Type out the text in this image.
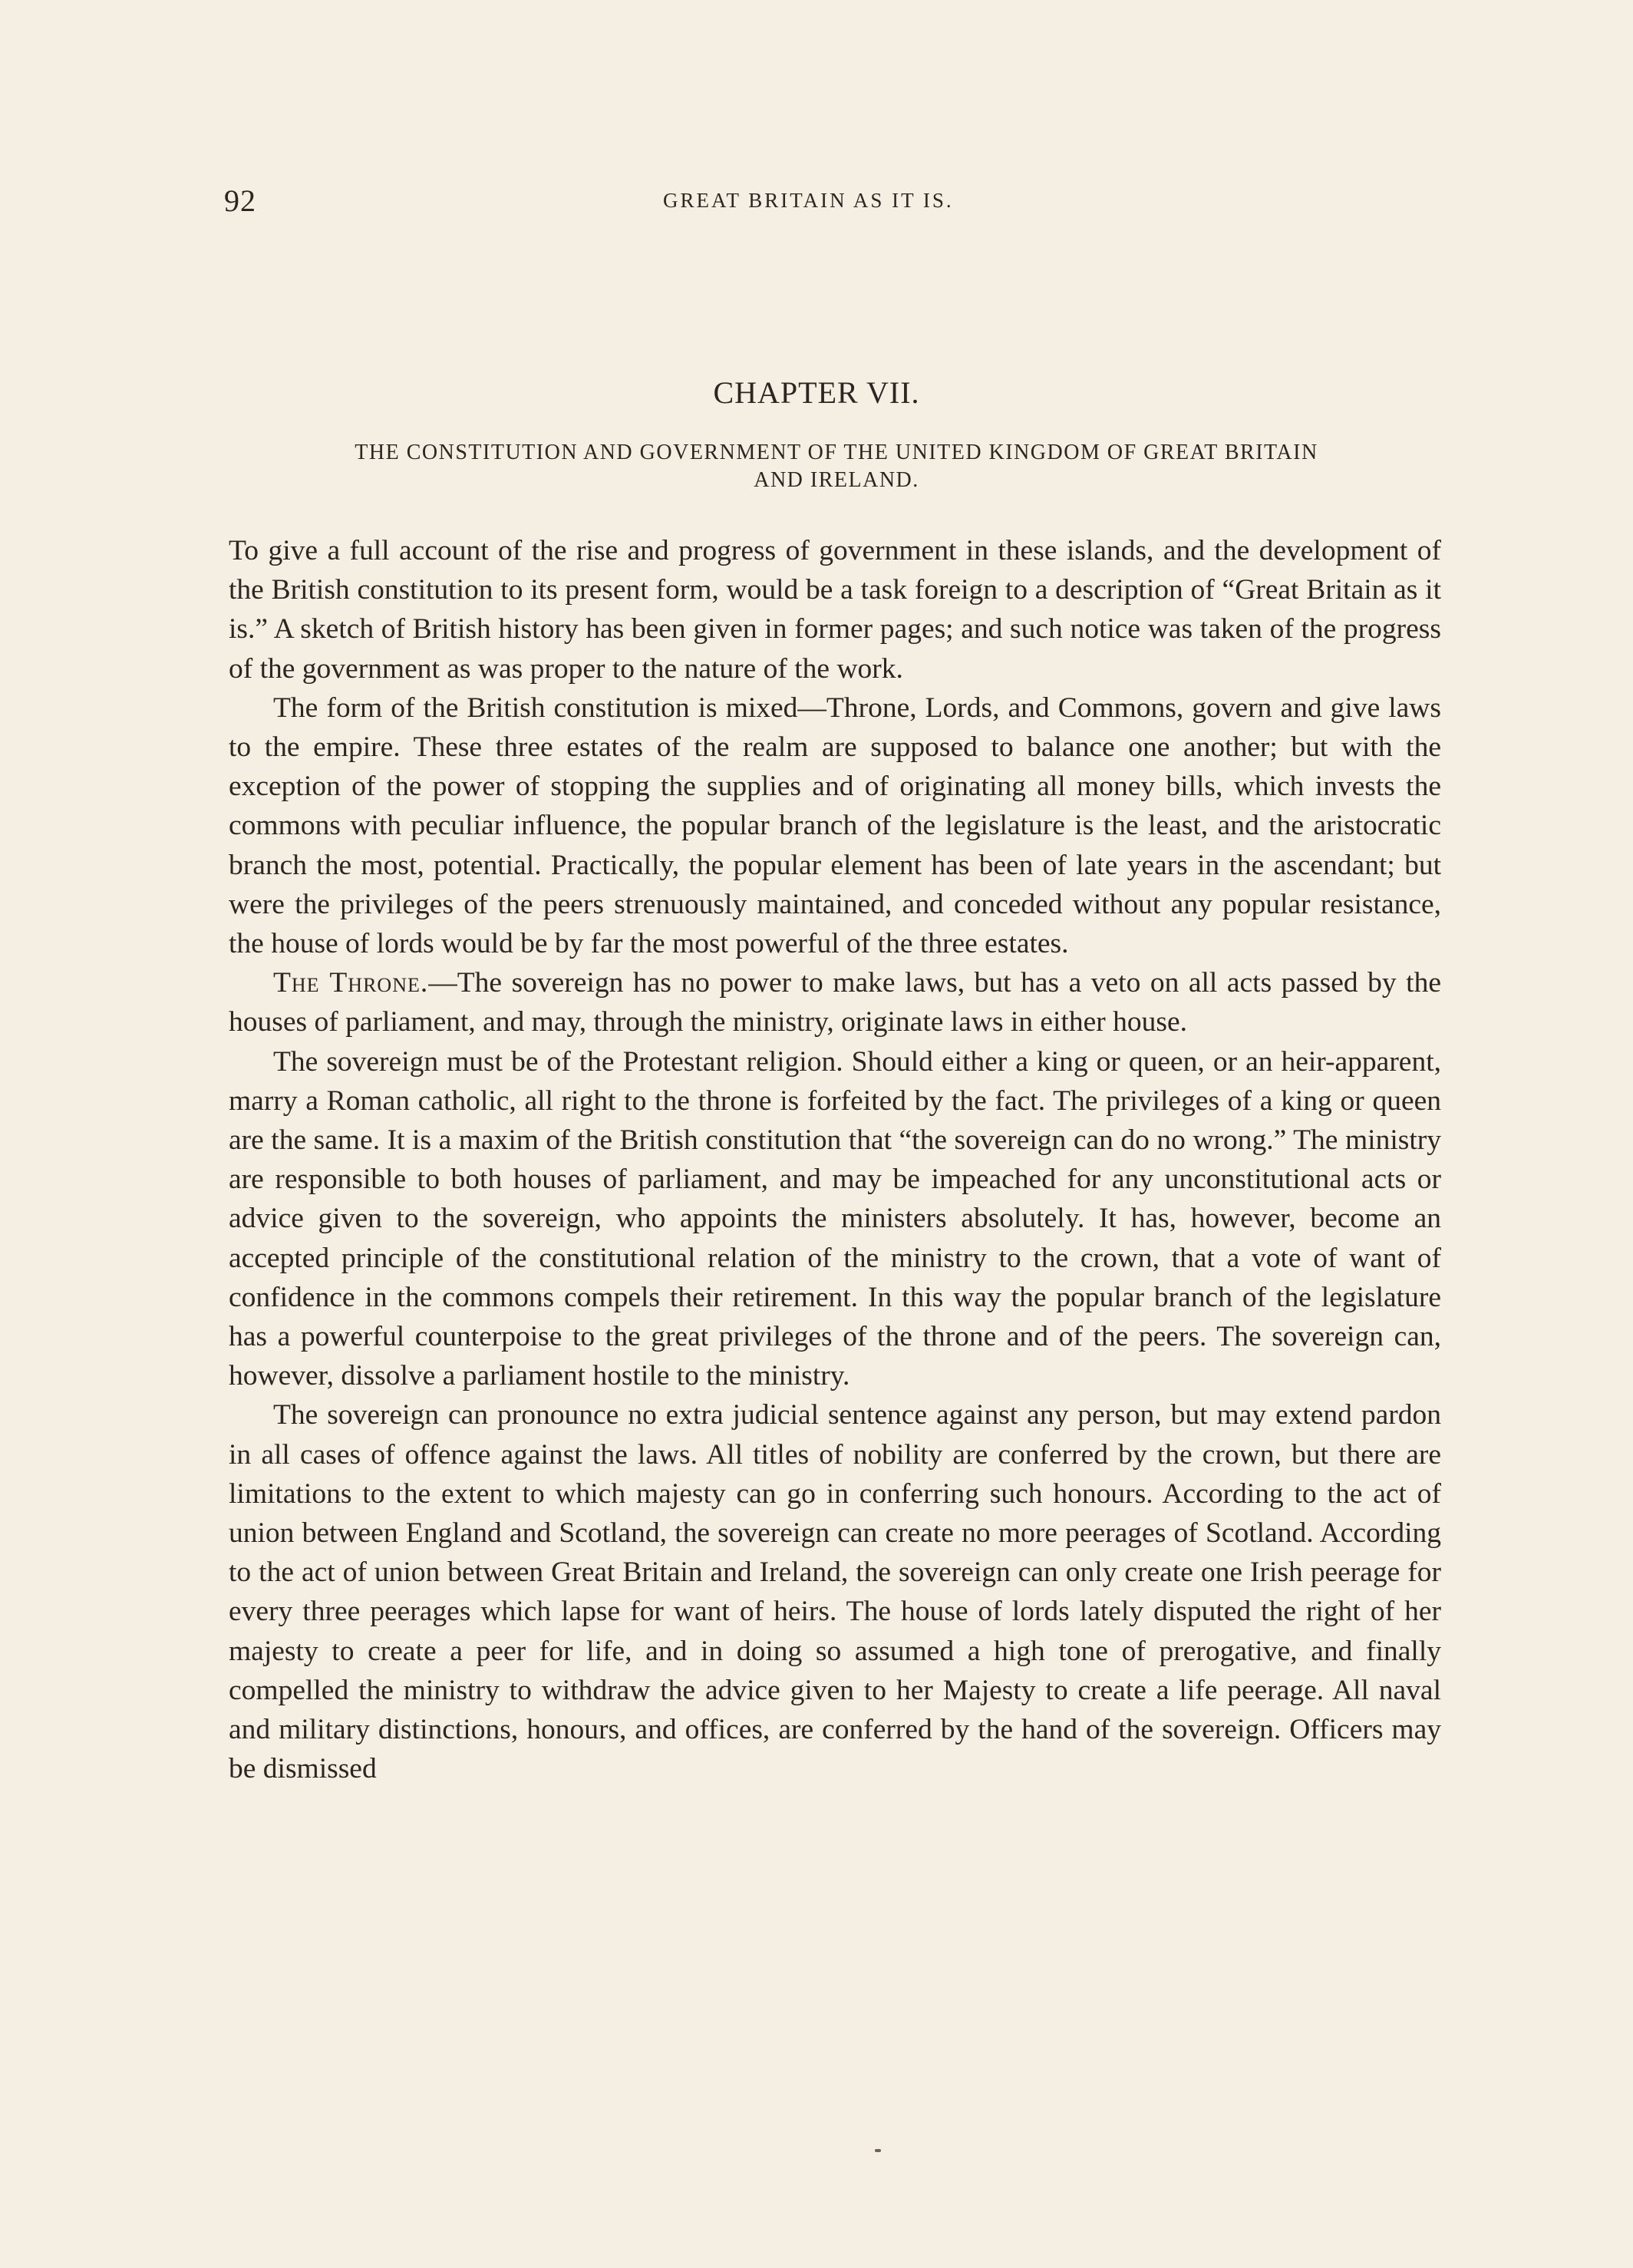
92	GREAT BRITAIN AS IT IS.
CHAPTER VII.
THE CONSTITUTION AND GOVERNMENT OF THE UNITED KINGDOM OF GREAT BRITAIN
AND IRELAND.

To give a full account of the rise and progress of government in these islands, and the development of the British constitution to its present form, would be a task foreign to a description of “Great Britain as it is.” A sketch of British history has been given in former pages; and such notice was taken of the progress of the government as was proper to the nature of the work.

The form of the British constitution is mixed—Throne, Lords, and Commons, govern and give laws to the empire. These three estates of the realm are supposed to balance one another; but with the exception of the power of stopping the supplies and of originating all money bills, which invests the commons with peculiar influence, the popular branch of the legislature is the least, and the aristocratic branch the most, potential. Practically, the popular element has been of late years in the ascendant; but were the privileges of the peers strenuously maintained, and conceded without any popular resistance, the house of lords would be by far the most powerful of the three estates.

The Throne.—The sovereign has no power to make laws, but has a veto on all acts passed by the houses of parliament, and may, through the ministry, originate laws in either house.

The sovereign must be of the Protestant religion. Should either a king or queen, or an heir-apparent, marry a Roman catholic, all right to the throne is forfeited by the fact. The privileges of a king or queen are the same. It is a maxim of the British constitution that “the sovereign can do no wrong.” The ministry are responsible to both houses of parliament, and may be impeached for any unconstitutional acts or advice given to the sovereign, who appoints the ministers absolutely. It has, however, become an accepted principle of the constitutional relation of the ministry to the crown, that a vote of want of confidence in the commons compels their retirement. In this way the popular branch of the legislature has a powerful counterpoise to the great privileges of the throne and of the peers. The sovereign can, however, dissolve a parliament hostile to the ministry.

The sovereign can pronounce no extra judicial sentence against any person, but may extend pardon in all cases of offence against the laws. All titles of nobility are conferred by the crown, but there are limitations to the extent to which majesty can go in conferring such honours. According to the act of union between England and Scotland, the sovereign can create no more peerages of Scotland. According to the act of union between Great Britain and Ireland, the sovereign can only create one Irish peerage for every three peerages which lapse for want of heirs. The house of lords lately disputed the right of her majesty to create a peer for life, and in doing so assumed a high tone of prerogative, and finally compelled the ministry to withdraw the advice given to her Majesty to create a life peerage. All naval and military distinctions, honours, and offices, are conferred by the hand of the sovereign. Officers may be dismissed
